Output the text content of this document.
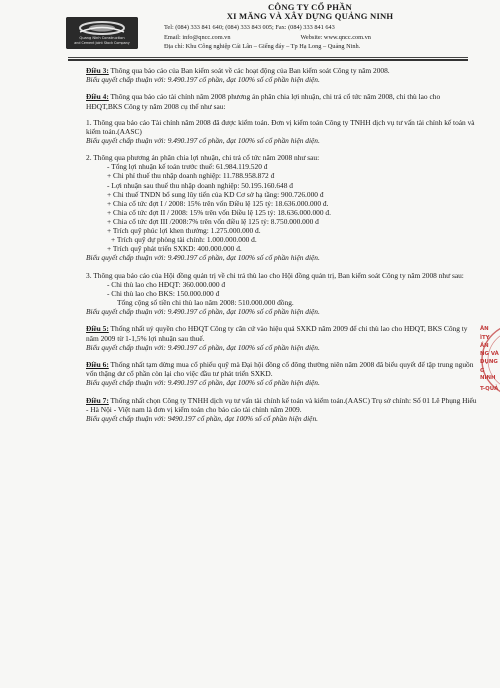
Quang Ninh Construction
and Cement Joint Stock Company
CÔNG TY CỔ PHẦN
XI MĂNG VÀ XÂY DỰNG QUẢNG NINH
Tel: (084) 333 841 640; (084) 333 843 005; Fax: (084) 333 841 643
Email: info@qncc.com.vn	Website: www.qncc.com.vn
Địa chỉ: Khu Công nghiệp Cái Lân – Giếng đáy – Tp Hạ Long – Quảng Ninh.

Điều 3: Thông qua báo cáo của Ban kiểm soát về các hoạt động của Ban kiểm soát Công ty năm 2008.

Biểu quyết chấp thuận với: 9.490.197 cổ phần, đạt 100% số cổ phần hiện diện.

Điều 4: Thông qua báo cáo tài chính năm 2008 phương án phân chia lợi nhuận, chi trả cổ tức năm 2008, chi thù lao cho HĐQT,BKS Công ty năm 2008 cụ thể như sau:

1. Thông qua báo cáo Tài chính năm 2008 đã được kiểm toán. Đơn vị kiểm toán Công ty TNHH dịch vụ tư vấn tài chính kế toán và kiểm toán.(AASC)

Biểu quyết chấp thuận với: 9.490.197 cổ phần, đạt 100% số cổ phần hiện diện.

2. Thông qua phương án phân chia lợi nhuận, chi trả cổ tức năm 2008 như sau:

- Tổng lợi nhuận kế toán trước thuế: 61.984.119.520 đ

+ Chi phí thuế thu nhập doanh nghiệp: 11.788.958.872 đ

- Lợi nhuận sau thuế thu nhập doanh nghiệp: 50.195.160.648 đ

+ Chi thuế TNDN bổ sung lũy tiến của KD Cơ sở hạ tầng: 900.726.000 đ

+ Chia cổ tức đợt I / 2008: 15% trên vốn Điều lệ 125 tỷ: 18.636.000.000 đ.

+ Chia cổ tức đợt II / 2008: 15% trên vốn Điều lệ 125 tỷ: 18.636.000.000 đ.

+ Chia cổ tức đợt III /2008:7% trên vốn điều lệ 125 tỷ: 8.750.000.000 đ

+ Trích quỹ phúc lợi khen thưởng: 1.275.000.000 đ.

+ Trích quỹ dự phòng tài chính: 1.000.000.000 đ.

+ Trích quỹ phát triển SXKD: 400.000.000 đ.

Biểu quyết chấp thuận với: 9.490.197 cổ phần, đạt 100% số cổ phần hiện diện.

3. Thông qua báo cáo của Hội đồng quản trị về chi trả thù lao cho Hội đồng quản trị, Ban kiểm soát Công ty năm 2008 như sau:

- Chi thù lao cho HĐQT: 360.000.000 đ

- Chi thù lao cho BKS: 150.000.000 đ

Tổng cộng số tiền chi thù lao năm 2008: 510.000.000 đồng.

Biểu quyết chấp thuận với: 9.490.197 cổ phần, đạt 100% số cổ phần hiện diện.

Điều 5: Thống nhất uỷ quyền cho HĐQT Công ty căn cứ vào hiệu quả SXKD năm 2009 để chi thù lao cho HĐQT, BKS Công ty năm 2009 từ 1-1,5% lợi nhuận sau thuế.

Biểu quyết chấp thuận với: 9.490.197 cổ phần, đạt 100% số cổ phần hiện diện.

Điều 6: Thống nhất tạm dừng mua cổ phiếu quỹ mà Đại hội đồng cổ đông thường niên năm 2008 đã biểu quyết để tập trung nguồn vốn thặng dư cổ phần còn lại cho việc đầu tư phát triển SXKD.

Biểu quyết chấp thuận với: 9.490.197 cổ phần, đạt 100% số cổ phần hiện diện.

Điều 7: Thống nhất chọn Công ty TNHH dịch vụ tư vấn tài chính kế toán và kiểm toán.(AASC) Trụ sở chính: Số 01 Lê Phụng Hiểu - Hà Nội - Việt nam là đơn vị kiểm toán cho báo cáo tài chính năm 2009.

Biểu quyết chấp thuận với: 9490.197 cổ phần, đạt 100% số cổ phần hiện diện.

ÂN
ÌTY
ẦN
NG VÀ
DỤNG
G NINH
T-QUẢ
